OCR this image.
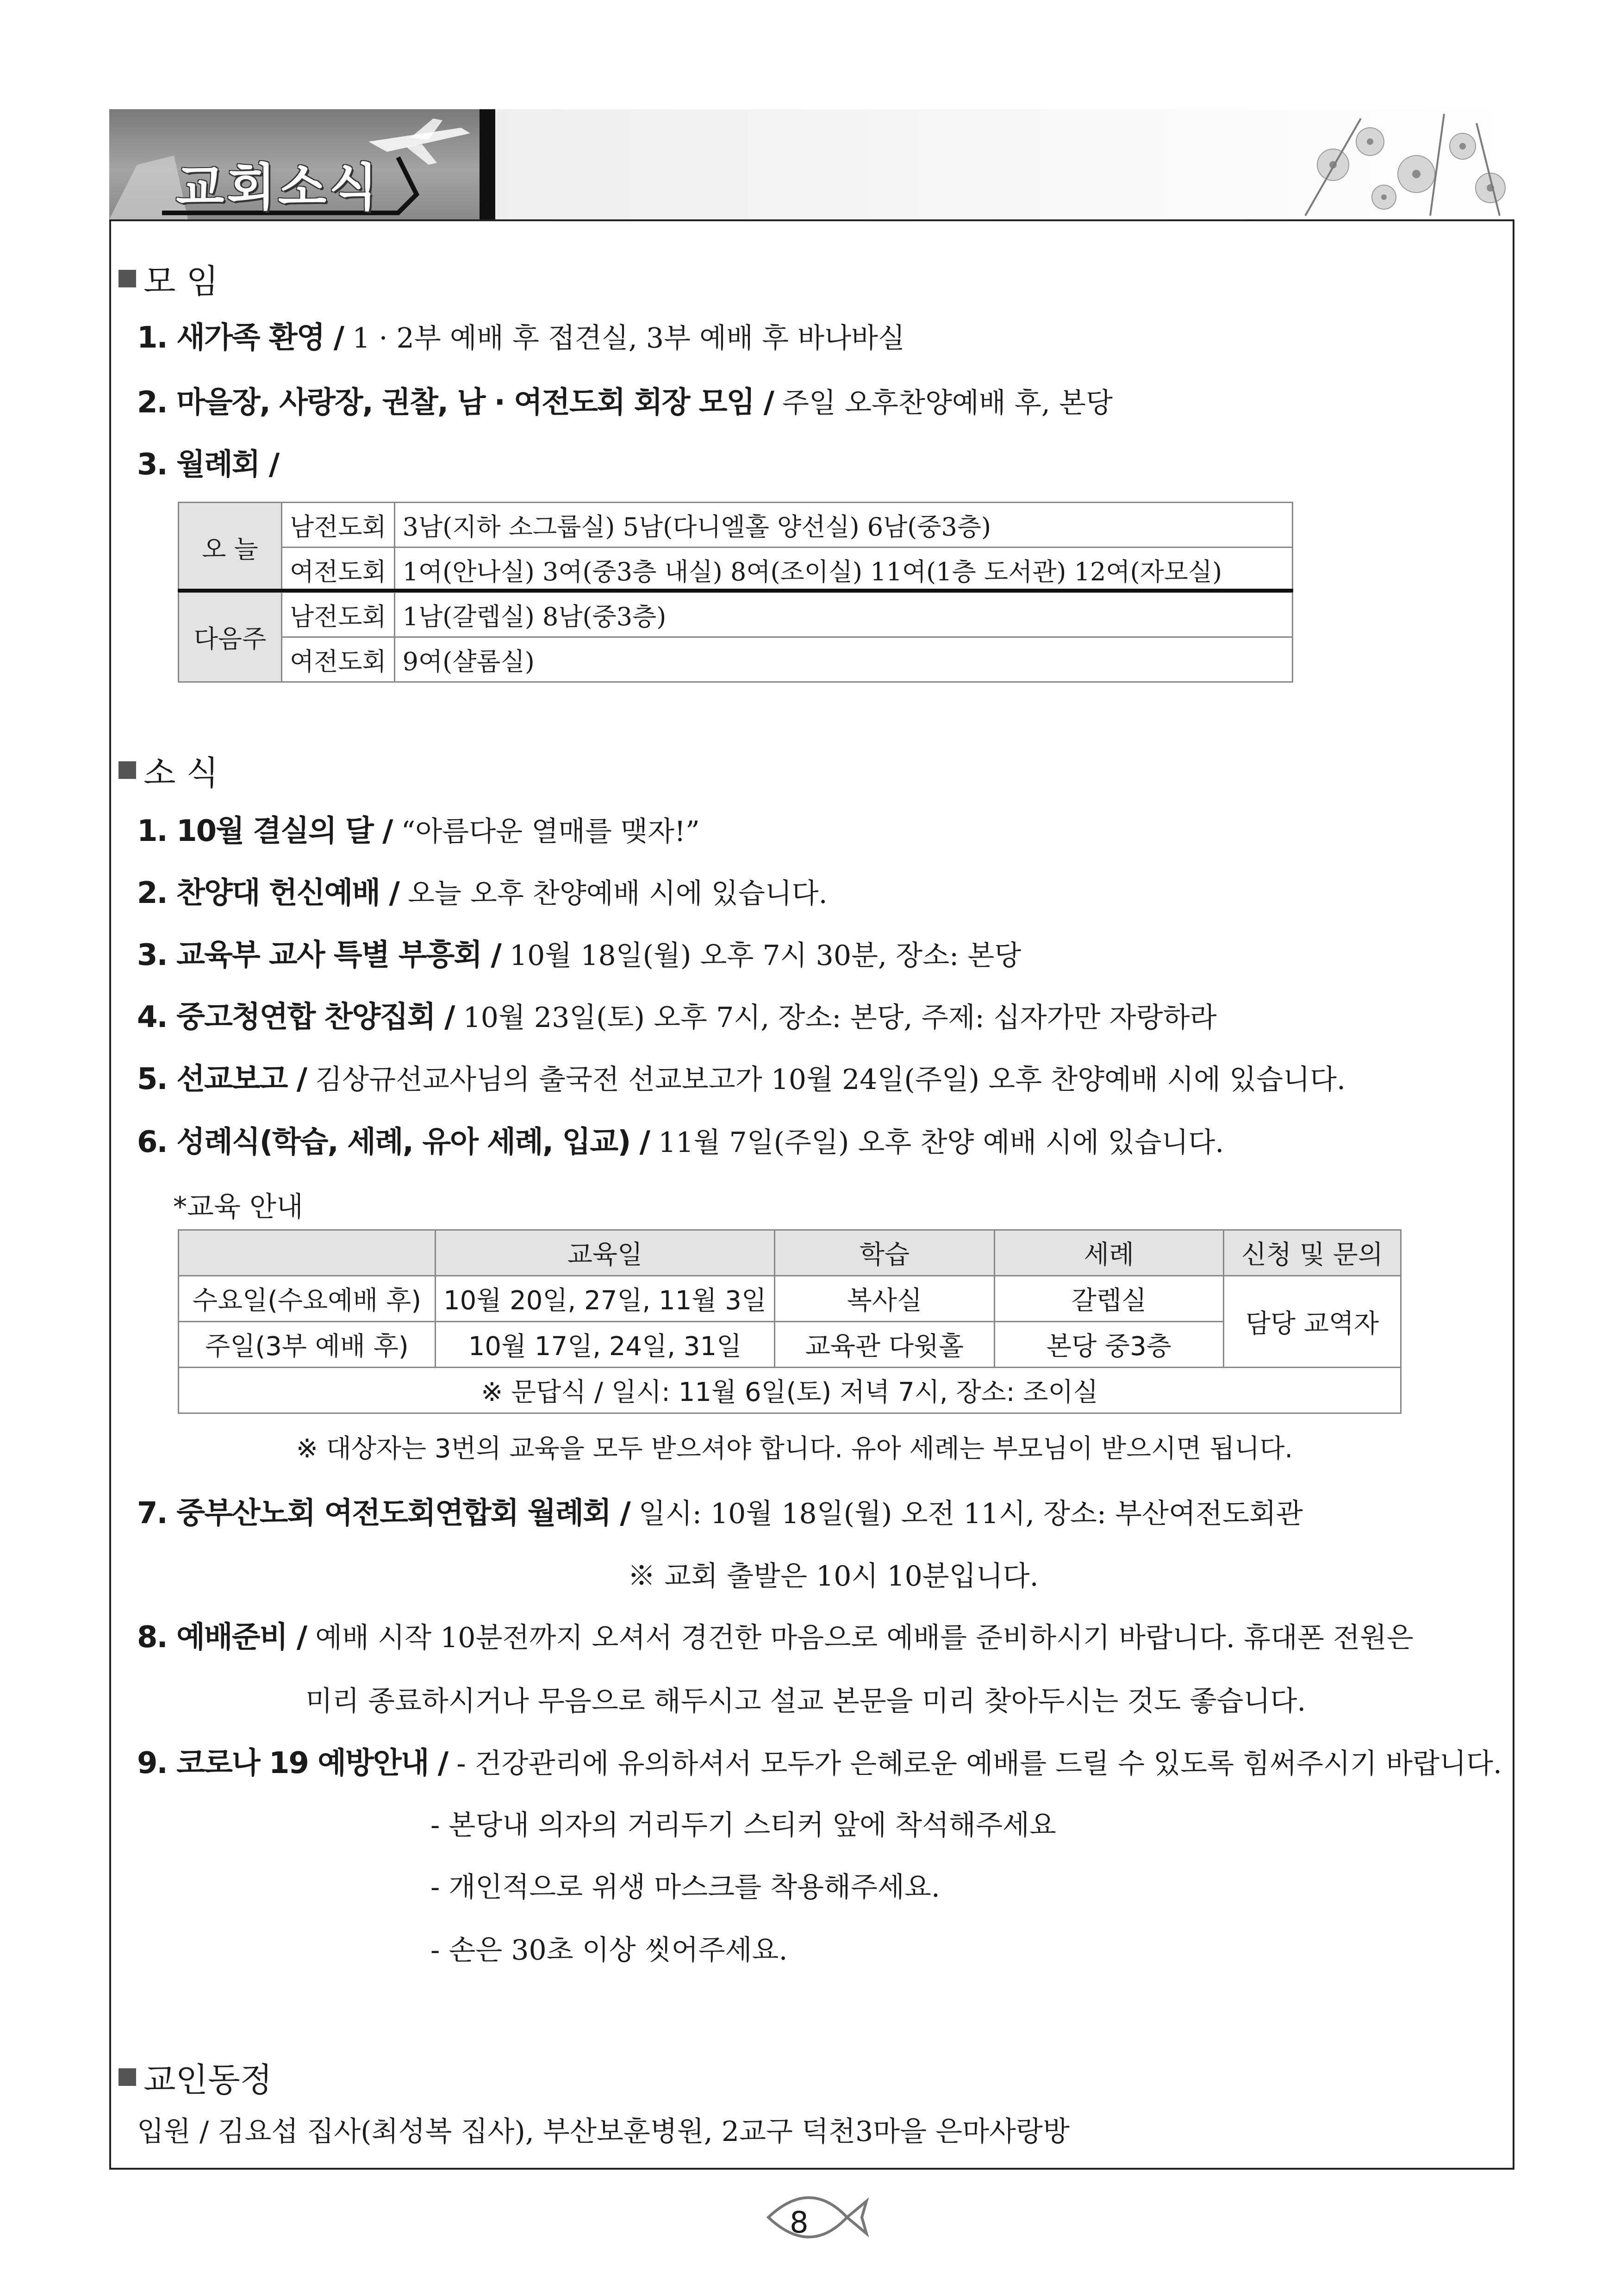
교회소식
모 임
1. 새가족 환영 / 1 · 2부 예배 후 접견실, 3부 예배 후 바나바실
2. 마을장, 사랑장, 권찰, 남 · 여전도회 회장 모임 / 주일 오후찬양예배 후, 본당
3. 월례회 /
오 늘	남전도회	3남(지하 소그룹실) 5남(다니엘홀 양선실) 6남(중3층)
	여전도회	1여(안나실) 3여(중3층 내실) 8여(조이실) 11여(1층 도서관) 12여(자모실)
다음주	남전도회	1남(갈렙실) 8남(중3층)
	여전도회	9여(샬롬실)
소 식
1. 10월 결실의 달 / “아름다운 열매를 맺자!”
2. 찬양대 헌신예배 / 오늘 오후 찬양예배 시에 있습니다.
3. 교육부 교사 특별 부흥회 / 10월 18일(월) 오후 7시 30분, 장소: 본당
4. 중고청연합 찬양집회 / 10월 23일(토) 오후 7시, 장소: 본당, 주제: 십자가만 자랑하라
5. 선교보고 / 김상규선교사님의 출국전 선교보고가 10월 24일(주일) 오후 찬양예배 시에 있습니다.
6. 성례식(학습, 세례, 유아 세례, 입교) / 11월 7일(주일) 오후 찬양 예배 시에 있습니다.
*교육 안내
	교육일	학습	세례	신청 및 문의
수요일(수요예배 후)	10월 20일, 27일, 11월 3일	복사실	갈렙실	담당 교역자
주일(3부 예배 후)	10월 17일, 24일, 31일	교육관 다윗홀	본당 중3층	
※ 문답식 / 일시: 11월 6일(토) 저녁 7시, 장소: 조이실				
※ 대상자는 3번의 교육을 모두 받으셔야 합니다. 유아 세례는 부모님이 받으시면 됩니다.
7. 중부산노회 여전도회연합회 월례회 / 일시: 10월 18일(월) 오전 11시, 장소: 부산여전도회관
※ 교회 출발은 10시 10분입니다.
8. 예배준비 / 예배 시작 10분전까지 오셔서 경건한 마음으로 예배를 준비하시기 바랍니다. 휴대폰 전원은
미리 종료하시거나 무음으로 해두시고 설교 본문을 미리 찾아두시는 것도 좋습니다.
9. 코로나 19 예방안내 / - 건강관리에 유의하셔서 모두가 은혜로운 예배를 드릴 수 있도록 힘써주시기 바랍니다.
- 본당내 의자의 거리두기 스티커 앞에 착석해주세요
- 개인적으로 위생 마스크를 착용해주세요.
- 손은 30초 이상 씻어주세요.
교인동정
입원 / 김요섭 집사(최성복 집사), 부산보훈병원, 2교구 덕천3마을 은마사랑방
8
